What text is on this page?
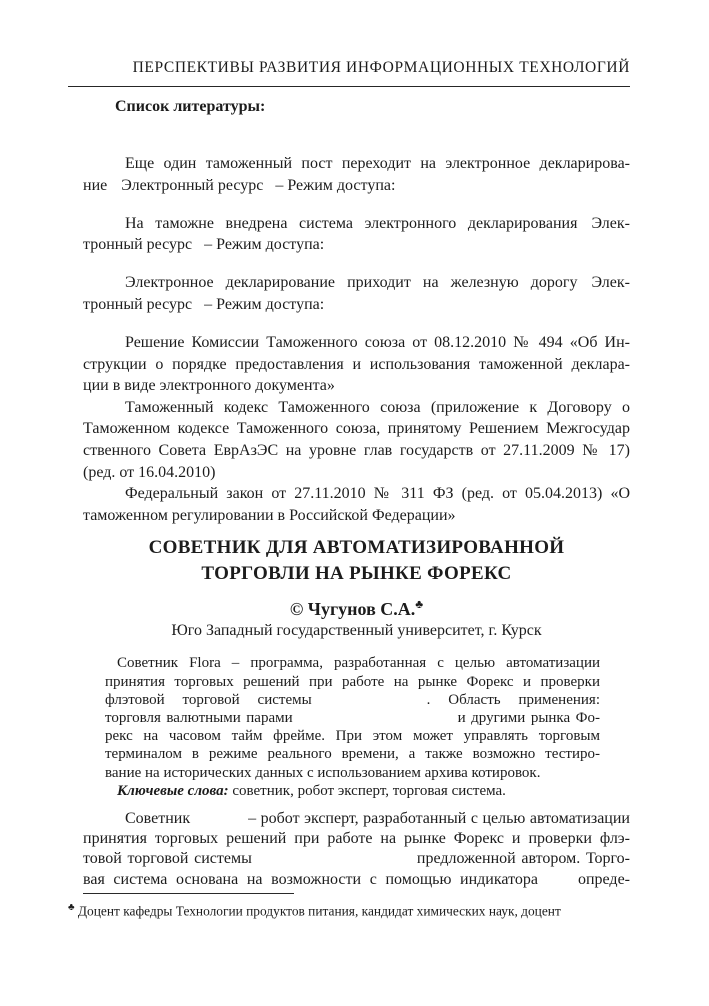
ПЕРСПЕКТИВЫ РАЗВИТИЯ ИНФОРМАЦИОННЫХ ТЕХНОЛОГИЙ
Список литературы:

Еще один таможенный пост переходит на электронное декларирова-
ние Электронный ресурс – Режим доступа:

На таможне внедрена система электронного декларирования Элек-
тронный ресурс – Режим доступа:

Электронное декларирование приходит на железную дорогу Элек-
тронный ресурс – Режим доступа:

Решение Комиссии Таможенного союза от 08.12.2010 № 494 «Об Ин-
струкции о порядке предоставления и использования таможенной деклара-
ции в виде электронного документа»

Таможенный кодекс Таможенного союза (приложение к Договору о
Таможенном кодексе Таможенного союза, принятому Решением Межгосудар
ственного Совета ЕврАзЭС на уровне глав государств от 27.11.2009 № 17)
(ред. от 16.04.2010)

Федеральный закон от 27.11.2010 № 311 ФЗ (ред. от 05.04.2013) «О
таможенном регулировании в Российской Федерации»

СОВЕТНИК ДЛЯ АВТОМАТИЗИРОВАННОЙ
ТОРГОВЛИ НА РЫНКЕ ФОРЕКС
© Чугунов С.А.♣
Юго Западный государственный университет, г. Курск
Советник Flora – программа, разработанная с целью автоматизации
принятия торговых решений при работе на рынке Форекс и проверки
флэтовой торговой системы	. Область применения:
торговля валютными парами	и другими рынка Фо-
рекс на часовом тайм фрейме. При этом может управлять торговым
терминалом в режиме реального времени, а также возможно тестиро-
вание на исторических данных с использованием архива котировок.
Ключевые слова: советник, робот эксперт, торговая система.

Советник	– робот эксперт, разработанный с целью автоматизации
принятия торговых решений при работе на рынке Форекс и проверки флэ-
товой торговой системы	предложенной автором. Торго-
вая система основана на возможности с помощью индикатора	опреде-

♣ Доцент кафедры Технологии продуктов питания, кандидат химических наук, доцент
